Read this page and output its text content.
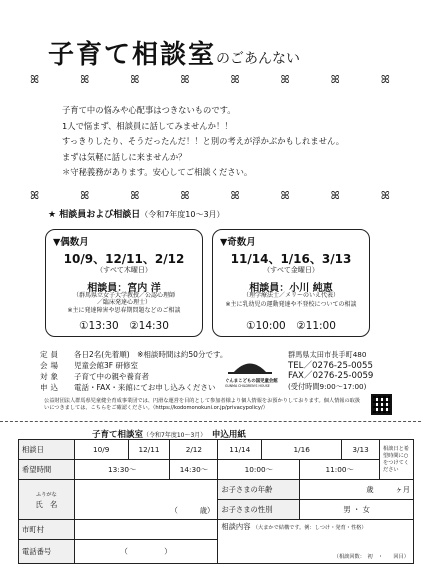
子育て相談室のごあんない
ꕤ	ꕤ	ꕤ	ꕤ	ꕤ	ꕤ	ꕤ	ꕤ
ꕤ	ꕤ	ꕤ	ꕤ	ꕤ	ꕤ	ꕤ	ꕤ
子育て中の悩みや心配事はつきないものです。
1人で悩まず、相談員に話してみませんか！！
すっきりしたり、そうだったんだ！！と別の考えが浮かぶかもしれません。
まずは気軽に話しに来ませんか？
＊守秘義務があります。安心してご相談ください。
★ 相談員および相談日（令和7年度10～3月）
▼偶数月
10/9、12/11、2/12
（すべて木曜日）
相談員：宮内 洋
（群馬県立女子大学教授／公認心理師
／臨床発達心理士）
※主に発達障害や思春期問題などのご相談
①13:30　②14:30
▼奇数月
11/14、1/16、3/13
（すべて金曜日）
相談員：小川 純恵
（理学療法士／メリーのいえ代表）
※主に乳幼児の運動発達や不登校についての相談
①10:00　②11:00
定員	各日2名(先着順)　※相談時間は約50分です。
会場	児童会館3F 研修室
対象	子育て中の親や養育者
申込	電話・FAX・来館にてお申し込みください
ぐんまこどもの国児童会館
GUNMA CHILDREN'S HOUSE
群馬県太田市長手町480
TEL／0276-25-0055
FAX／0276-25-0059
(受付時間9:00～17:00)
公益財団法人群馬県児童健全育成事業団では、円滑な運営を目的として参加者様より個人情報をお預かりしております。個人情報の取扱いにつきましては、こちらをご確認ください。（https://kodomonokuni.or.jp/privacypolicy/）
子育て相談室（令和7年度10～3月）　 申込用紙
相談日	10/9	12/11	2/12	11/14	1/16		3/13	相談日と希望時間に○をつけてください
希望時間	13:30～		14:30～	10:00～		11:00～		

ふりがな
氏　名	（　　　歳）			お子さまの年齢		歳　　　ヶ月		
				お子さまの性別		男 ・ 女		
市町村				相談内容 （大まかで結構です。例：しつけ・発育・性格）
（相談回数：　初　・　　回目）				

電話番号	（　　　　　）							
